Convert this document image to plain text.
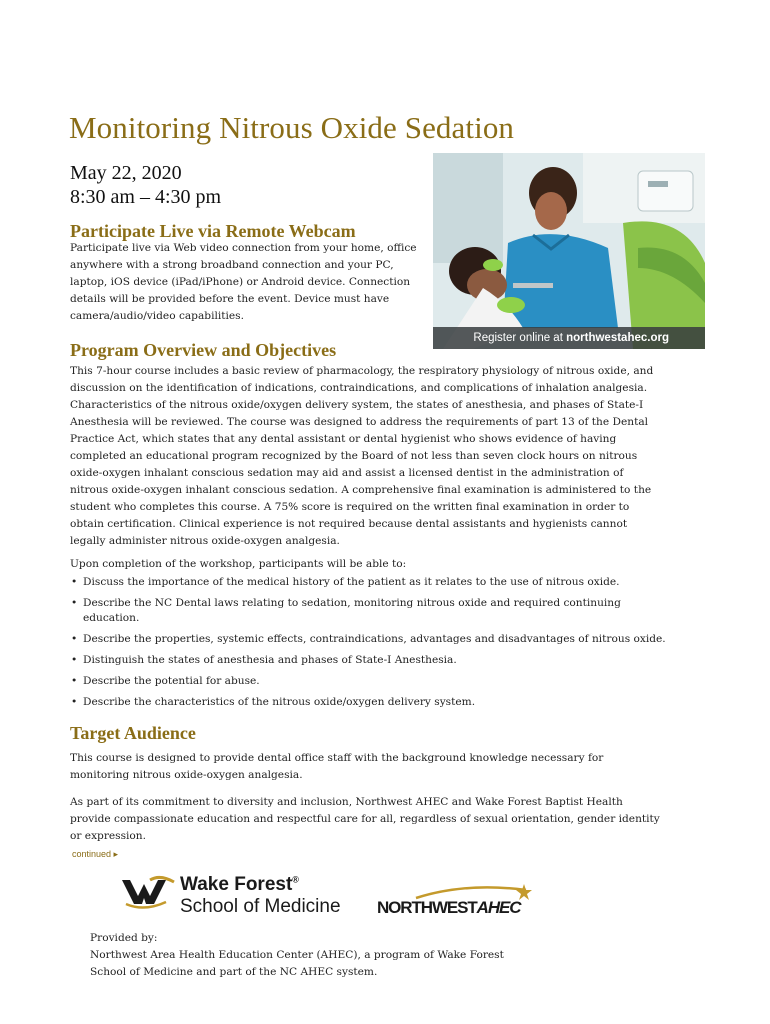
Monitoring Nitrous Oxide Sedation
May 22, 2020
8:30 am – 4:30 pm
Participate Live via Remote Webcam

Participate live via Web video connection from your home, office anywhere with a strong broadband connection and your PC, laptop, iOS device (iPad/iPhone) or Android device. Connection details will be provided before the event. Device must have camera/audio/video capabilities.

Register online at northwestahec.org
Program Overview and Objectives

This 7-hour course includes a basic review of pharmacology, the respiratory physiology of nitrous oxide, and discussion on the identification of indications, contraindications, and complications of inhalation analgesia. Characteristics of the nitrous oxide/oxygen delivery system, the states of anesthesia, and phases of State-I Anesthesia will be reviewed. The course was designed to address the requirements of part 13 of the Dental Practice Act, which states that any dental assistant or dental hygienist who shows evidence of having completed an educational program recognized by the Board of not less than seven clock hours on nitrous oxide-oxygen inhalant conscious sedation may aid and assist a licensed dentist in the administration of nitrous oxide-oxygen inhalant conscious sedation. A comprehensive final examination is administered to the student who completes this course. A 75% score is required on the written final examination in order to obtain certification. Clinical experience is not required because dental assistants and hygienists cannot legally administer nitrous oxide-oxygen analgesia.

Upon completion of the workshop, participants will be able to:

• Discuss the importance of the medical history of the patient as it relates to the use of nitrous oxide.
• Describe the NC Dental laws relating to sedation, monitoring nitrous oxide and required continuing education.
• Describe the properties, systemic effects, contraindications, advantages and disadvantages of nitrous oxide.
• Distinguish the states of anesthesia and phases of State-I Anesthesia.
• Describe the potential for abuse.
• Describe the characteristics of the nitrous oxide/oxygen delivery system.
Target Audience

This course is designed to provide dental office staff with the background knowledge necessary for monitoring nitrous oxide-oxygen analgesia.

As part of its commitment to diversity and inclusion, Northwest AHEC and Wake Forest Baptist Health provide compassionate education and respectful care for all, regardless of sexual orientation, gender identity or expression.

continued ▸
Wake Forest®
School of Medicine NORTHWESTAHEC
Provided by:
Northwest Area Health Education Center (AHEC), a program of Wake Forest
School of Medicine and part of the NC AHEC system.
